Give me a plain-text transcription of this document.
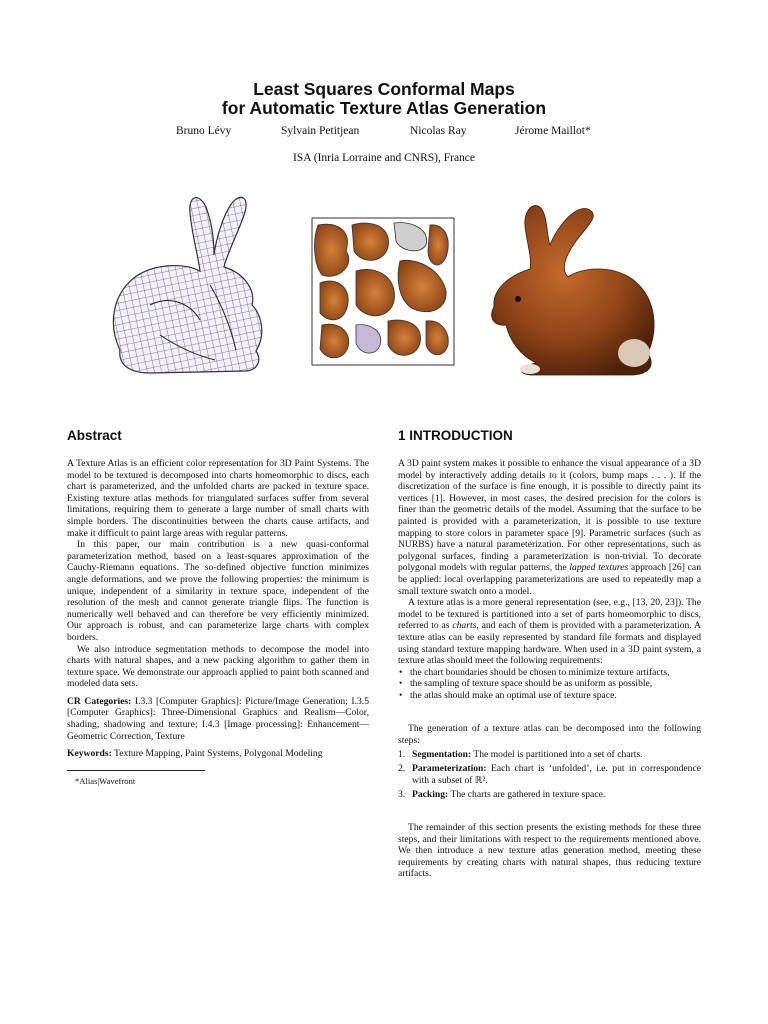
Least Squares Conformal Maps
for Automatic Texture Atlas Generation
Bruno Lévy	Sylvain Petitjean	Nicolas Ray	Jérome Maillot*
ISA (Inria Lorraine and CNRS), France
Abstract

A Texture Atlas is an efficient color representation for 3D Paint Systems. The model to be textured is decomposed into charts homeomorphic to discs, each chart is parameterized, and the unfolded charts are packed in texture space. Existing texture atlas methods for triangulated surfaces suffer from several limitations, requiring them to generate a large number of small charts with simple borders. The discontinuities between the charts cause artifacts, and make it difficult to paint large areas with regular patterns.

In this paper, our main contribution is a new quasi-conformal parameterization method, based on a least-squares approximation of the Cauchy-Riemann equations. The so-defined objective function minimizes angle deformations, and we prove the following properties: the minimum is unique, independent of a similarity in texture space, independent of the resolution of the mesh and cannot generate triangle flips. The function is numerically well behaved and can therefore be very efficiently minimized. Our approach is robust, and can parameterize large charts with complex borders.

We also introduce segmentation methods to decompose the model into charts with natural shapes, and a new packing algorithm to gather them in texture space. We demonstrate our approach applied to paint both scanned and modeled data sets.

CR Categories: I.3.3 [Computer Graphics]: Picture/Image Generation; I.3.5 [Computer Graphics]: Three-Dimensional Graphics and Realism—Color, shading, shadowing and texture; I.4.3 [Image processing]: Enhancement—Geometric Correction, Texture

Keywords: Texture Mapping, Paint Systems, Polygonal Modeling

*Alias|Wavefront
1 INTRODUCTION

A 3D paint system makes it possible to enhance the visual appearance of a 3D model by interactively adding details to it (colors, bump maps . . . ). If the discretization of the surface is fine enough, it is possible to directly paint its vertices [1]. However, in most cases, the desired precision for the colors is finer than the geometric details of the model. Assuming that the surface to be painted is provided with a parameterization, it is possible to use texture mapping to store colors in parameter space [9]. Parametric surfaces (such as NURBS) have a natural parameterization. For other representations, such as polygonal surfaces, finding a parameterization is non-trivial. To decorate polygonal models with regular patterns, the lapped textures approach [26] can be applied: local overlapping parameterizations are used to repeatedly map a small texture swatch onto a model.

A texture atlas is a more general representation (see, e.g., [13, 20, 23]). The model to be textured is partitioned into a set of parts homeomorphic to discs, referred to as charts, and each of them is provided with a parameterization. A texture atlas can be easily represented by standard file formats and displayed using standard texture mapping hardware. When used in a 3D paint system, a texture atlas should meet the following requirements:

• the chart boundaries should be chosen to minimize texture artifacts,
• the sampling of texture space should be as uniform as possible,
• the atlas should make an optimal use of texture space.

The generation of a texture atlas can be decomposed into the following steps:

1. Segmentation: The model is partitioned into a set of charts.
2. Parameterization: Each chart is ‘unfolded’, i.e. put in correspondence with a subset of ℝ².
3. Packing: The charts are gathered in texture space.

The remainder of this section presents the existing methods for these three steps, and their limitations with respect to the requirements mentioned above. We then introduce a new texture atlas generation method, meeting these requirements by creating charts with natural shapes, thus reducing texture artifacts.
